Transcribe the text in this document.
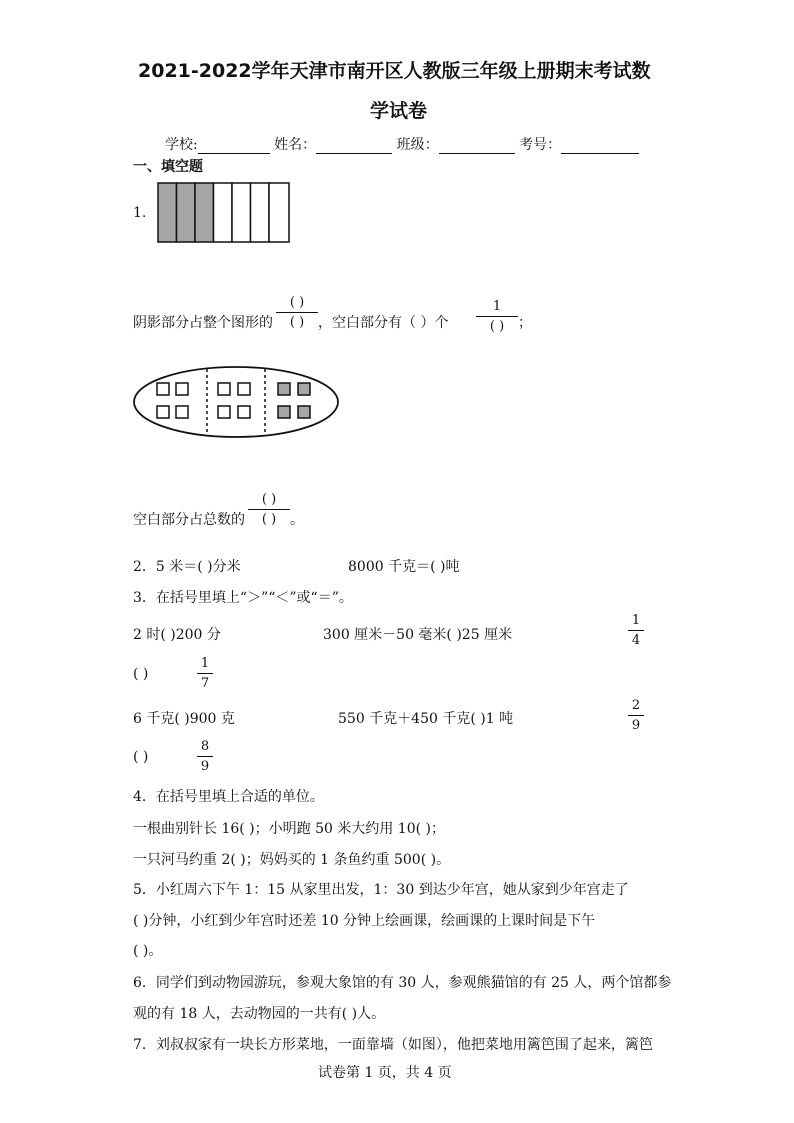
2021-2022学年天津市南开区人教版三年级上册期末考试数
学试卷
学校:	姓名：	班级：	考号：
一、填空题
1.
阴影部分占整个图形的
( )
( ) ，空白部分有（ ）个
1
( ) ；
空白部分占总数的
( )
( ) 。
2．5 米＝( )分米	8000 千克＝( )吨
3．在括号里填上“＞”“＜”或“＝”。
2 时( )200 分	300 厘米－50 毫米( )25 厘米
1
4
( )
1
7
6 千克( )900 克	550 千克＋450 千克( )1 吨
2
9
( )
8
9
4．在括号里填上合适的单位。
一根曲别针长 16( )；小明跑 50 米大约用 10( )；
一只河马约重 2( )；妈妈买的 1 条鱼约重 500( )。
5．小红周六下午 1：15 从家里出发，1：30 到达少年宫，她从家到少年宫走了
( )分钟，小红到少年宫时还差 10 分钟上绘画课，绘画课的上课时间是下午
( )。
6．同学们到动物园游玩，参观大象馆的有 30 人，参观熊猫馆的有 25 人，两个馆都参
观的有 18 人，去动物园的一共有( )人。
7．刘叔叔家有一块长方形菜地，一面靠墙（如图），他把菜地用篱笆围了起来，篱笆
试卷第 1 页，共 4 页
